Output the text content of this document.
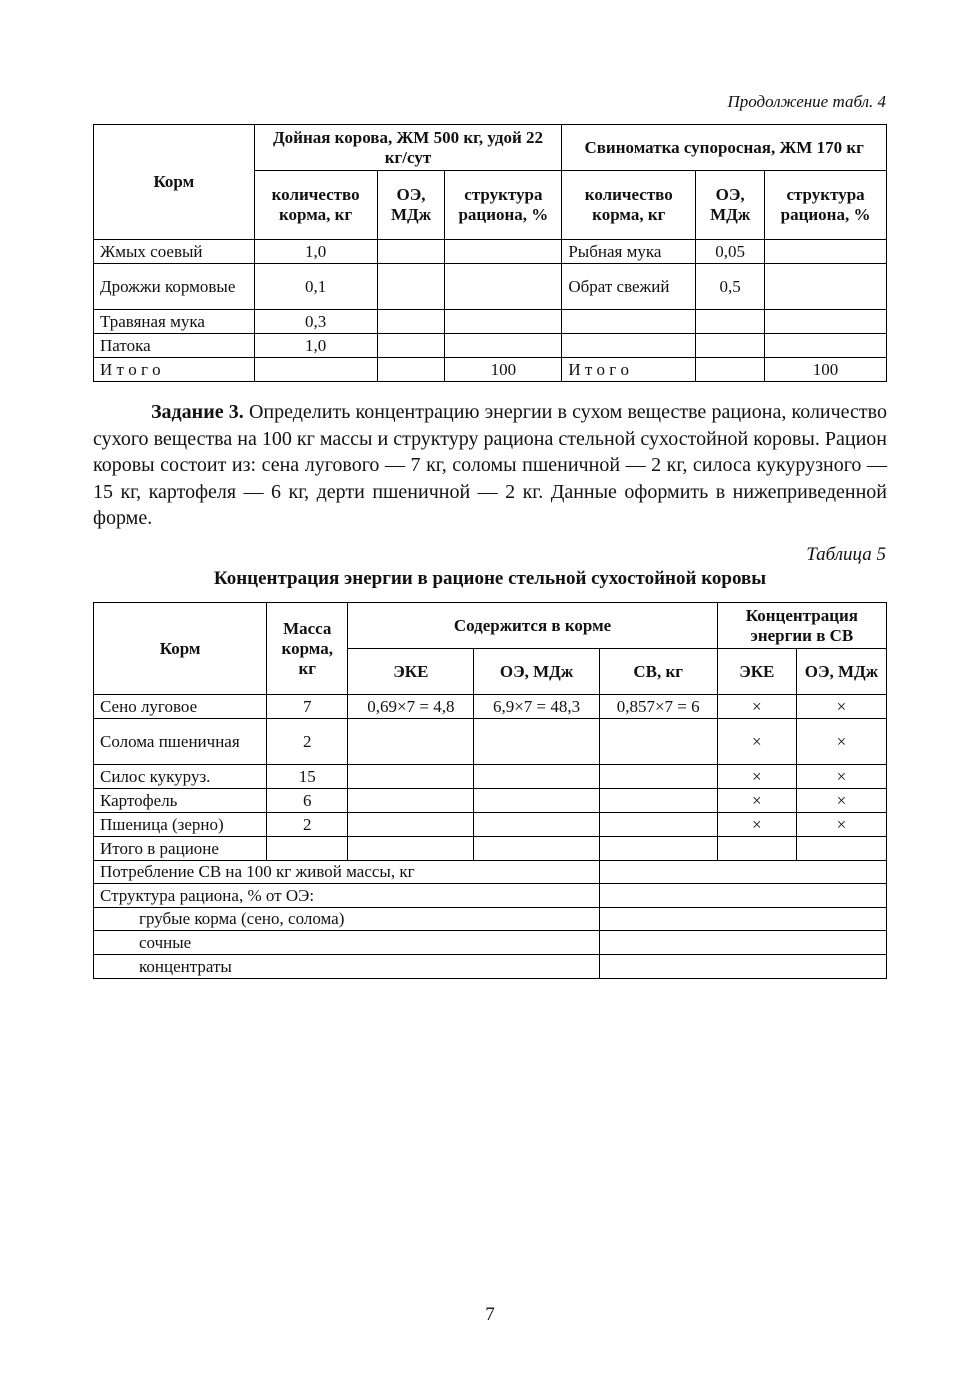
Продолжение табл. 4
Корм	Дойная корова, ЖМ 500 кг, удой 22 кг/сут			Свиноматка супоросная, ЖМ 170 кг		
	количество корма, кг	ОЭ, МДж	структура рациона, %	количество корма, кг	ОЭ, МДж	структура рациона, %
Жмых соевый	1,0			Рыбная мука	0,05	
Дрожжи кормовые	0,1			Обрат свежий	0,5	
Травяная мука	0,3					
Патока	1,0					
И т о г о			100	И т о г о		100
Задание 3. Определить концентрацию энергии в сухом веществе рациона, количество сухого вещества на 100 кг массы и структуру рациона стельной сухостойной коровы. Рацион коровы состоит из: сена лугового — 7 кг, соломы пшеничной — 2 кг, силоса кукурузного — 15 кг, картофеля — 6 кг, дерти пшеничной — 2 кг. Данные оформить в нижеприведенной форме.
Таблица 5
Концентрация энергии в рационе стельной сухостойной коровы
Корм	Масса корма, кг	Содержится в корме			Концентрация энергии в СВ	
		ЭКЕ	ОЭ, МДж	СВ, кг	ЭКЕ	ОЭ, МДж
Сено луговое	7	0,69×7 = 4,8	6,9×7 = 48,3	0,857×7 = 6	×	×
Солома пшеничная	2				×	×
Силос кукуруз.	15				×	×
Картофель	6				×	×
Пшеница (зерно)	2				×	×
Итого в рационе						
Потребление СВ на 100 кг живой массы, кг						
Структура рациона, % от ОЭ:						
грубые корма (сено, солома)						
сочные						
концентраты						
7
